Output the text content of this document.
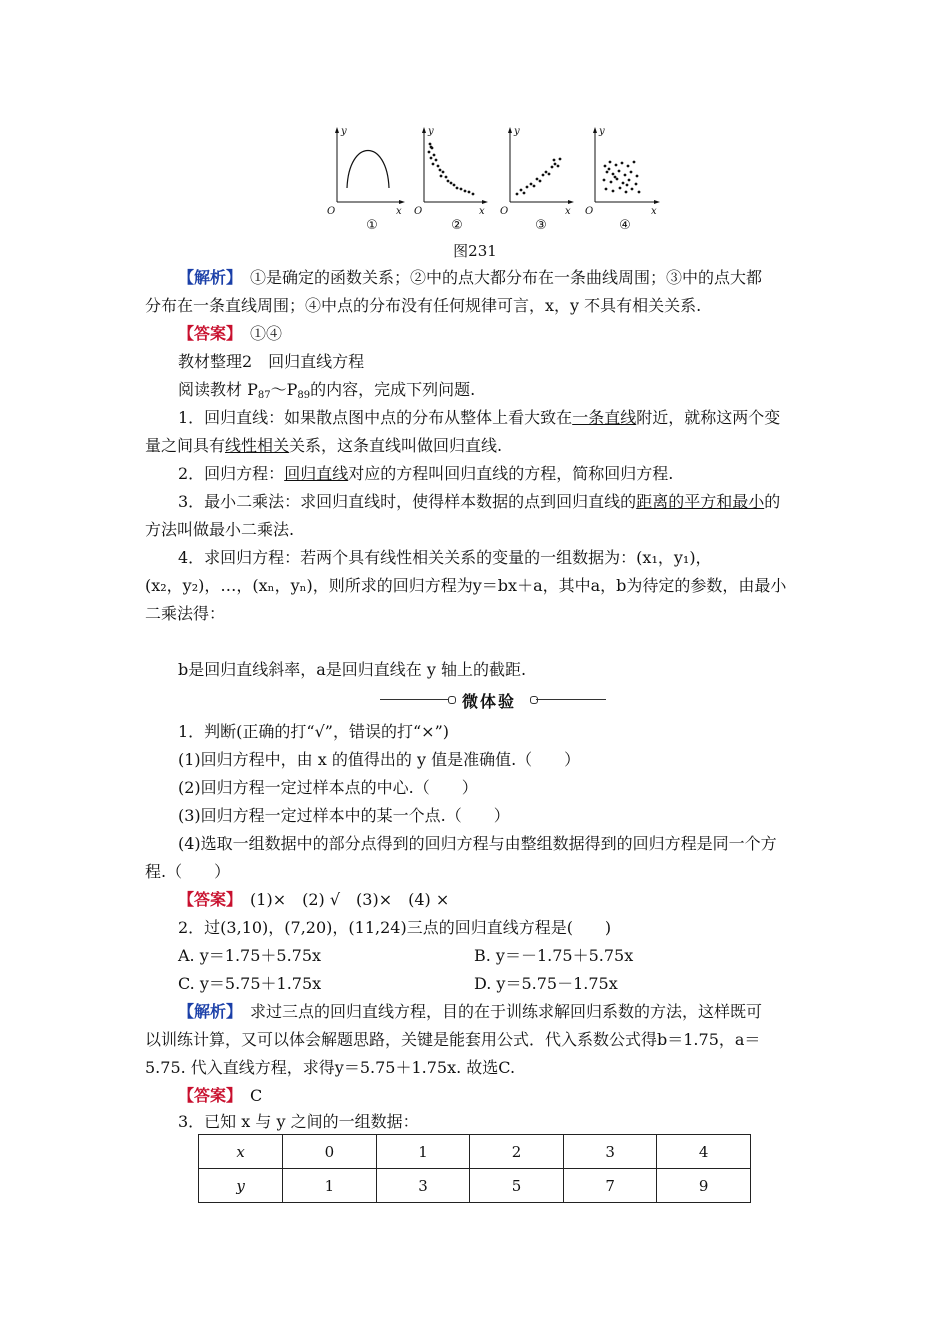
y	y	y	y
x	x	x	x
O	O	O	O
①	②	③	④
图231
【解析】　 ①是确定的函数关系；②中的点大都分布在一条曲线周围；③中的点大都
分布在一条直线周围；④中点的分布没有任何规律可言，x，y 不具有相关关系.
【答案】　 ①④
教材整理2　回归直线方程
阅读教材 $P_{87}\sim P_{89}$的内容，完成下列问题.
1．回归直线：如果散点图中点的分布从整体上看大致在一条直线附近，就称这两个变
量之间具有线性相关关系，这条直线叫做回归直线.
2．回归方程：回归直线对应的方程叫回归直线的方程，简称回归方程.
3．最小二乘法：求回归直线时，使得样本数据的点到回归直线的距离的平方和最小的
方法叫做最小二乘法.
4．求回归方程：若两个具有线性相关关系的变量的一组数据为：(x₁，y₁)，
(x₂，y₂)，…，(xₙ，yₙ)，则所求的回归方程为y＝bx＋a，其中a，b为待定的参数，由最小
二乘法得：
b是回归直线斜率，a是回归直线在 y 轴上的截距.
微体验
1．判断(正确的打“√”，错误的打“×”)
(1)回归方程中，由 x 的值得出的 y 值是准确值.（　　）
(2)回归方程一定过样本点的中心.（　　）
(3)回归方程一定过样本中的某一个点.（　　）
(4)选取一组数据中的部分点得到的回归方程与由整组数据得到的回归方程是同一个方
程.（　　）
【答案】　 (1)×　(2) √　(3)×　(4) ×
2．过(3,10)，(7,20)，(11,24)三点的回归直线方程是(　　)
A. y＝1.75＋5.75x	B. y＝－1.75＋5.75x
C. y＝5.75＋1.75x	D. y＝5.75－1.75x
【解析】　 求过三点的回归直线方程，目的在于训练求解回归系数的方法，这样既可
以训练计算，又可以体会解题思路，关键是能套用公式．代入系数公式得b＝1.75，a＝
5.75. 代入直线方程，求得y＝5.75＋1.75x. 故选C.
【答案】　 C
3．已知 x 与 y 之间的一组数据：
x	0	1	2	3	4
y	1	3	5	7	9
